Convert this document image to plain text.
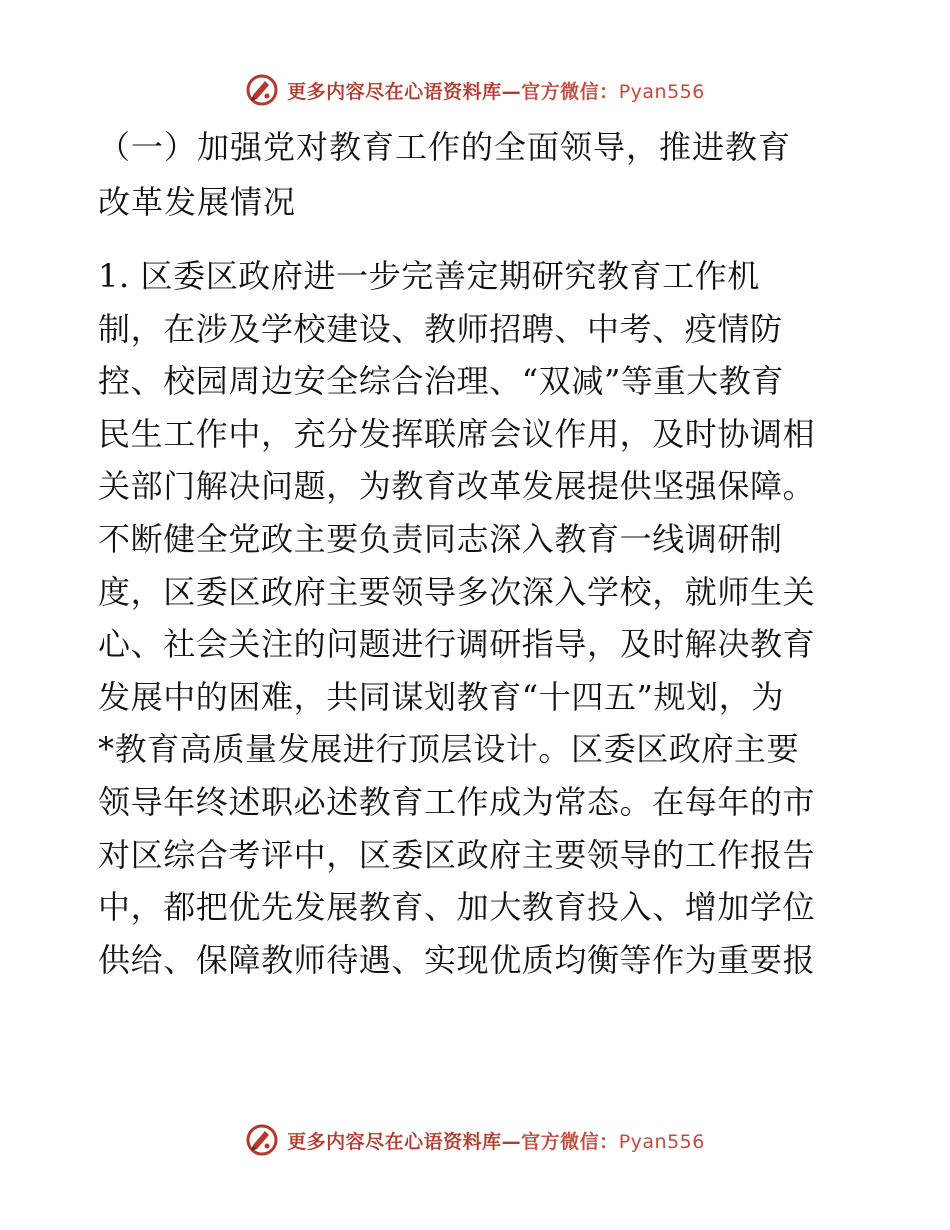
更多内容尽在心语资料库—官方微信：Pyan556
（一）加强党对教育工作的全面领导，推进教育
改革发展情况
1. 区委区政府进一步完善定期研究教育工作机
制，在涉及学校建设、教师招聘、中考、疫情防
控、校园周边安全综合治理、“双减”等重大教育
民生工作中，充分发挥联席会议作用，及时协调相
关部门解决问题，为教育改革发展提供坚强保障。
不断健全党政主要负责同志深入教育一线调研制
度，区委区政府主要领导多次深入学校，就师生关
心、社会关注的问题进行调研指导，及时解决教育
发展中的困难，共同谋划教育“十四五”规划，为
*教育高质量发展进行顶层设计。区委区政府主要
领导年终述职必述教育工作成为常态。在每年的市
对区综合考评中，区委区政府主要领导的工作报告
中，都把优先发展教育、加大教育投入、增加学位
供给、保障教师待遇、实现优质均衡等作为重要报
更多内容尽在心语资料库—官方微信：Pyan556
